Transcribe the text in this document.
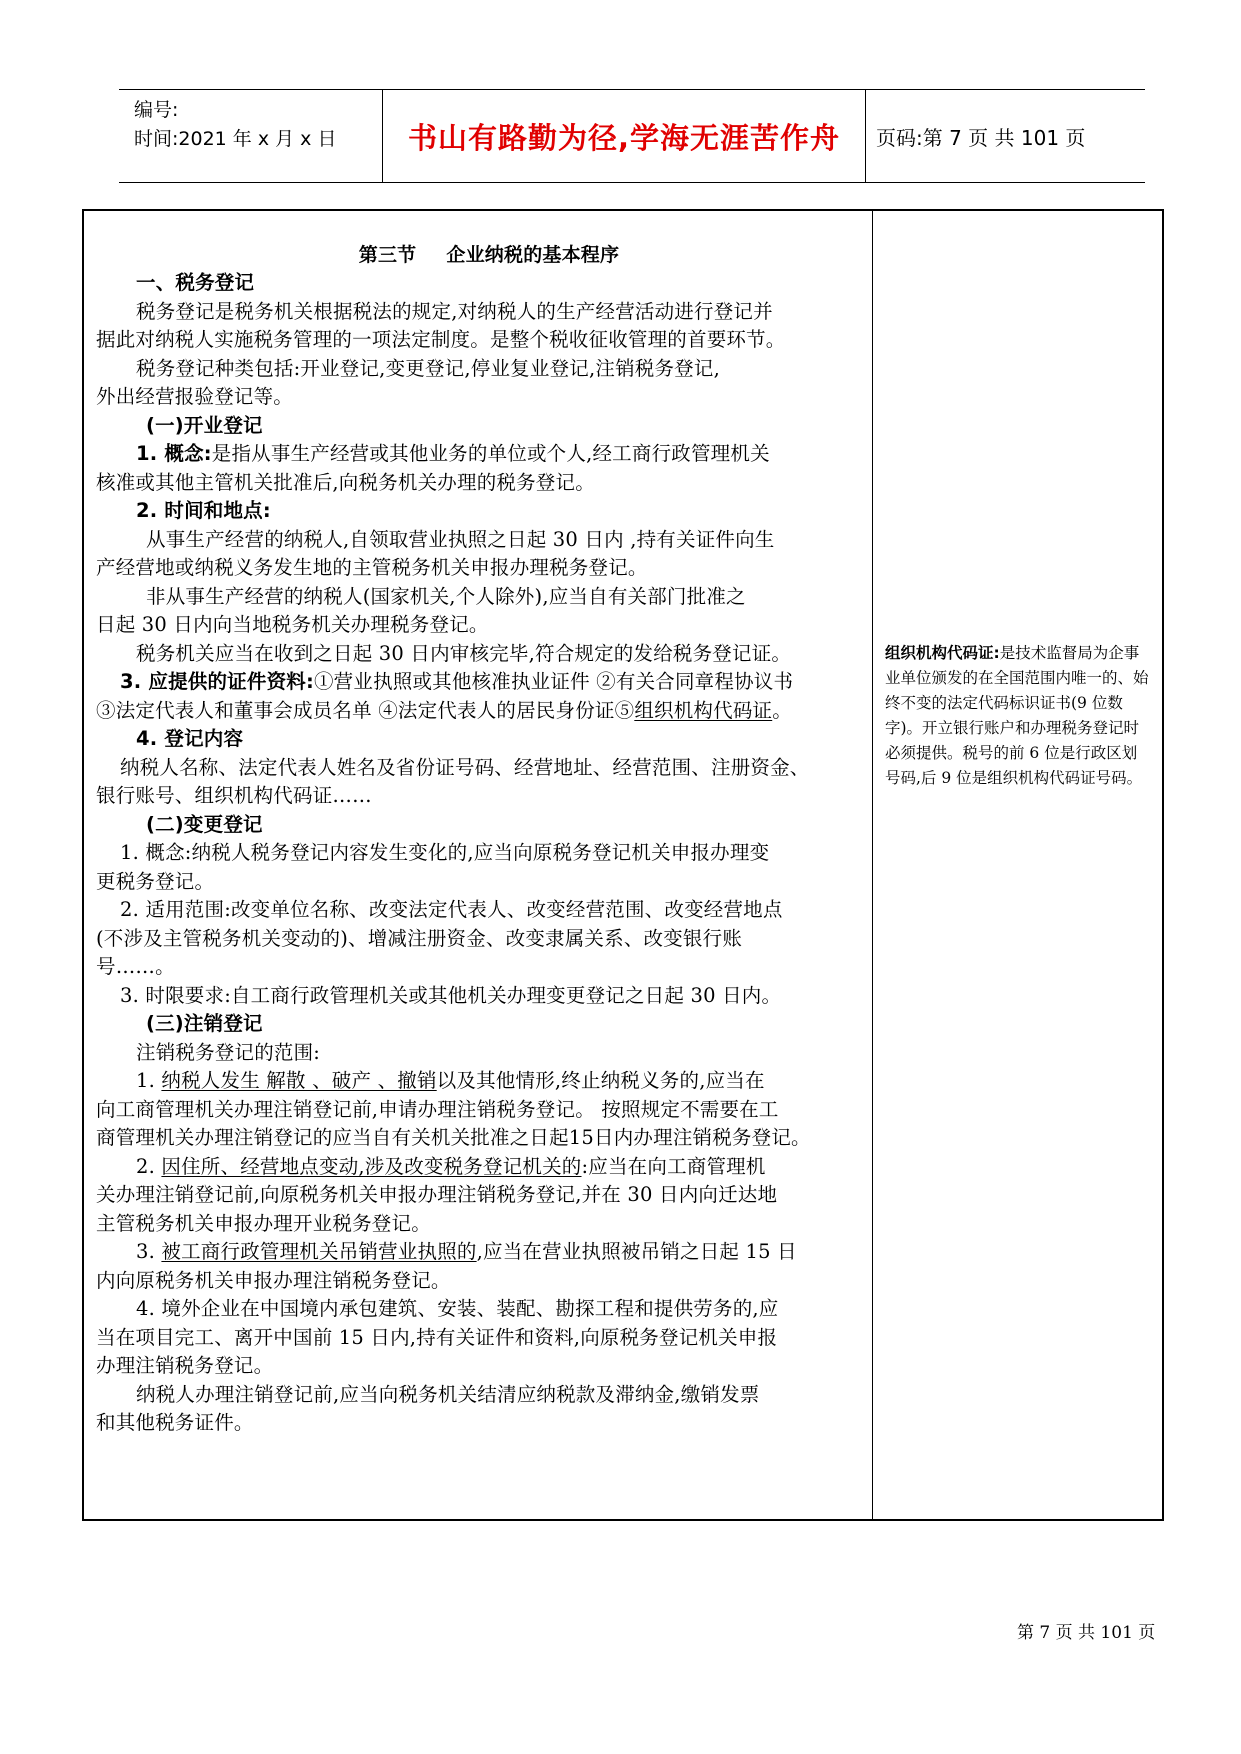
编号:
时间:2021 年 x 月 x 日	书山有路勤为径,学海无涯苦作舟	页码:第 7 页 共 101 页
第三节 企业纳税的基本程序
一、税务登记
税务登记是税务机关根据税法的规定,对纳税人的生产经营活动进行登记并
据此对纳税人实施税务管理的一项法定制度。是整个税收征收管理的首要环节。
税务登记种类包括:开业登记,变更登记,停业复业登记,注销税务登记,
外出经营报验登记等。
(一)开业登记
1. 概念:是指从事生产经营或其他业务的单位或个人,经工商行政管理机关
核准或其他主管机关批准后,向税务机关办理的税务登记。
2. 时间和地点:
从事生产经营的纳税人,自领取营业执照之日起 30 日内 ,持有关证件向生
产经营地或纳税义务发生地的主管税务机关申报办理税务登记。
非从事生产经营的纳税人(国家机关,个人除外),应当自有关部门批准之
日起 30 日内向当地税务机关办理税务登记。
税务机关应当在收到之日起 30 日内审核完毕,符合规定的发给税务登记证。
3. 应提供的证件资料:①营业执照或其他核准执业证件 ②有关合同章程协议书
③法定代表人和董事会成员名单 ④法定代表人的居民身份证⑤组织机构代码证。
4. 登记内容
纳税人名称、法定代表人姓名及省份证号码、经营地址、经营范围、注册资金、
银行账号、组织机构代码证……
(二)变更登记
1. 概念:纳税人税务登记内容发生变化的,应当向原税务登记机关申报办理变
更税务登记。
2. 适用范围:改变单位名称、改变法定代表人、改变经营范围、改变经营地点
(不涉及主管税务机关变动的)、增减注册资金、改变隶属关系、改变银行账
号……。
3. 时限要求:自工商行政管理机关或其他机关办理变更登记之日起 30 日内。
(三)注销登记
注销税务登记的范围:
1. 纳税人发生 解散 、破产 、撤销以及其他情形,终止纳税义务的,应当在
向工商管理机关办理注销登记前,申请办理注销税务登记。 按照规定不需要在工
商管理机关办理注销登记的应当自有关机关批准之日起15日内办理注销税务登记。
2. 因住所、经营地点变动,涉及改变税务登记机关的:应当在向工商管理机
关办理注销登记前,向原税务机关申报办理注销税务登记,并在 30 日内向迁达地
主管税务机关申报办理开业税务登记。
3. 被工商行政管理机关吊销营业执照的,应当在营业执照被吊销之日起 15 日
内向原税务机关申报办理注销税务登记。
4. 境外企业在中国境内承包建筑、安装、装配、勘探工程和提供劳务的,应
当在项目完工、离开中国前 15 日内,持有关证件和资料,向原税务登记机关申报
办理注销税务登记。
纳税人办理注销登记前,应当向税务机关结清应纳税款及滞纳金,缴销发票
和其他税务证件。
组织机构代码证:是技术监督局为企事业单位颁发的在全国范围内唯一的、始终不变的法定代码标识证书(9 位数字)。开立银行账户和办理税务登记时必须提供。税号的前 6 位是行政区划号码,后 9 位是组织机构代码证号码。
第 7 页 共 101 页
